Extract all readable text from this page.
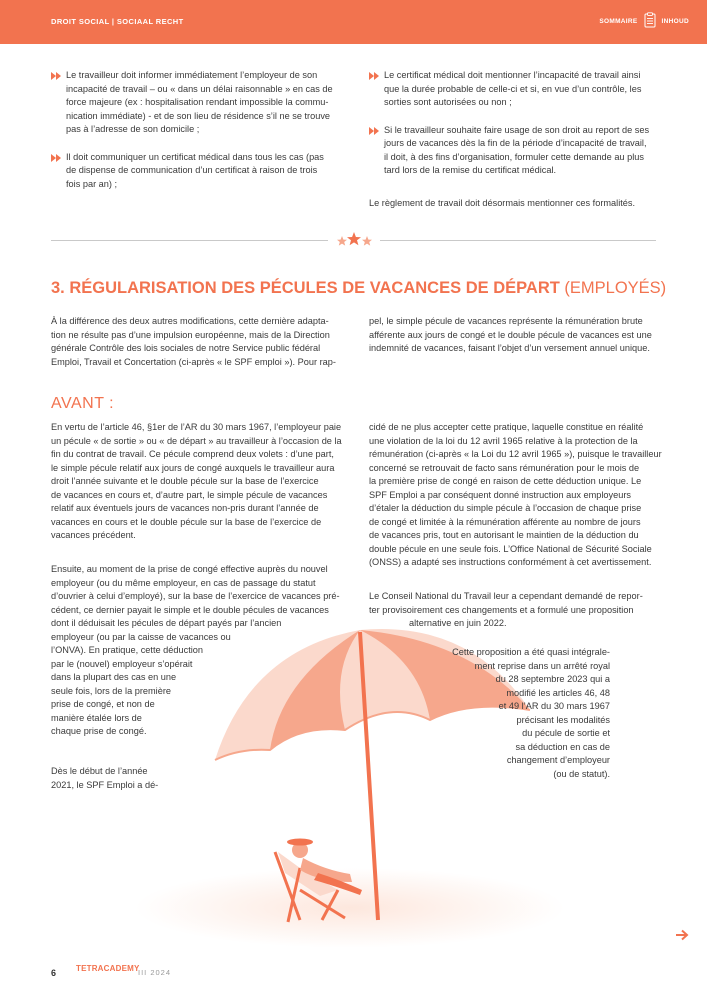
DROIT SOCIAL | SOCIAAL RECHT	SOMMAIRE	INHOUD
Le travailleur doit informer immédiatement l’employeur de son
incapacité de travail – ou « dans un délai raisonnable » en cas de
force majeure (ex : hospitalisation rendant impossible la commu-
nication immédiate) - et de son lieu de résidence s’il ne se trouve
pas à l’adresse de son domicile ;
Il doit communiquer un certificat médical dans tous les cas (pas
de dispense de communication d’un certificat à raison de trois
fois par an) ;
Le certificat médical doit mentionner l’incapacité de travail ainsi
que la durée probable de celle-ci et si, en vue d’un contrôle, les
sorties sont autorisées ou non ;
Si le travailleur souhaite faire usage de son droit au report de ses
jours de vacances dès la fin de la période d’incapacité de travail,
il doit, à des fins d’organisation, formuler cette demande au plus
tard lors de la remise du certificat médical.

Le règlement de travail doit désormais mentionner ces formalités.

3. RÉGULARISATION DES PÉCULES DE VACANCES DE DÉPART (EMPLOYÉS)
À la différence des deux autres modifications, cette dernière adapta-
tion ne résulte pas d’une impulsion européenne, mais de la Direction
générale Contrôle des lois sociales de notre Service public fédéral
Emploi, Travail et Concertation (ci-après « le SPF emploi »). Pour rap-
pel, le simple pécule de vacances représente la rémunération brute
afférente aux jours de congé et le double pécule de vacances est une
indemnité de vacances, faisant l’objet d’un versement annuel unique.
AVANT :
En vertu de l’article 46, §1er de l’AR du 30 mars 1967, l’employeur paie
un pécule « de sortie » ou « de départ » au travailleur à l’occasion de la
fin du contrat de travail. Ce pécule comprend deux volets : d’une part,
le simple pécule relatif aux jours de congé auxquels le travailleur aura
droit l’année suivante et le double pécule sur la base de l’exercice
de vacances en cours et, d’autre part, le simple pécule de vacances
relatif aux éventuels jours de vacances non-pris durant l’année de
vacances en cours et le double pécule sur la base de l’exercice de
vacances précédent.
Ensuite, au moment de la prise de congé effective auprès du nouvel
employeur (ou du même employeur, en cas de passage du statut
d’ouvrier à celui d’employé), sur la base de l’exercice de vacances pré-
cédent, ce dernier payait le simple et le double pécules de vacances
dont il déduisait les pécules de départ payés par l’ancien
employeur (ou par la caisse de vacances ou
l’ONVA). En pratique, cette déduction
par le (nouvel) employeur s’opérait
dans la plupart des cas en une
seule fois, lors de la première
prise de congé, et non de
manière étalée lors de
chaque prise de congé.
Dès le début de l’année
2021, le SPF Emploi a dé-
cidé de ne plus accepter cette pratique, laquelle constitue en réalité
une violation de la loi du 12 avril 1965 relative à la protection de la
rémunération (ci-après « la Loi du 12 avril 1965 »), puisque le travailleur
concerné se retrouvait de facto sans rémunération pour le mois de
la première prise de congé en raison de cette déduction unique. Le
SPF Emploi a par conséquent donné instruction aux employeurs
d’étaler la déduction du simple pécule à l’occasion de chaque prise
de congé et limitée à la rémunération afférente au nombre de jours
de vacances pris, tout en autorisant le maintien de la déduction du
double pécule en une seule fois. L’Office National de Sécurité Sociale
(ONSS) a adapté ses instructions conformément à cet avertissement.
Le Conseil National du Travail leur a cependant demandé de repor-
ter provisoirement ces changements et a formulé une proposition
alternative en juin 2022.
Cette proposition a été quasi intégrale-
ment reprise dans un arrêté royal
du 28 septembre 2023 qui a
modifié les articles 46, 48
et 49 l’AR du 30 mars 1967
précisant les modalités
du pécule de sortie et
sa déduction en cas de
changement d’employeur
(ou de statut).
6 TETRACADEMY
III 2024
